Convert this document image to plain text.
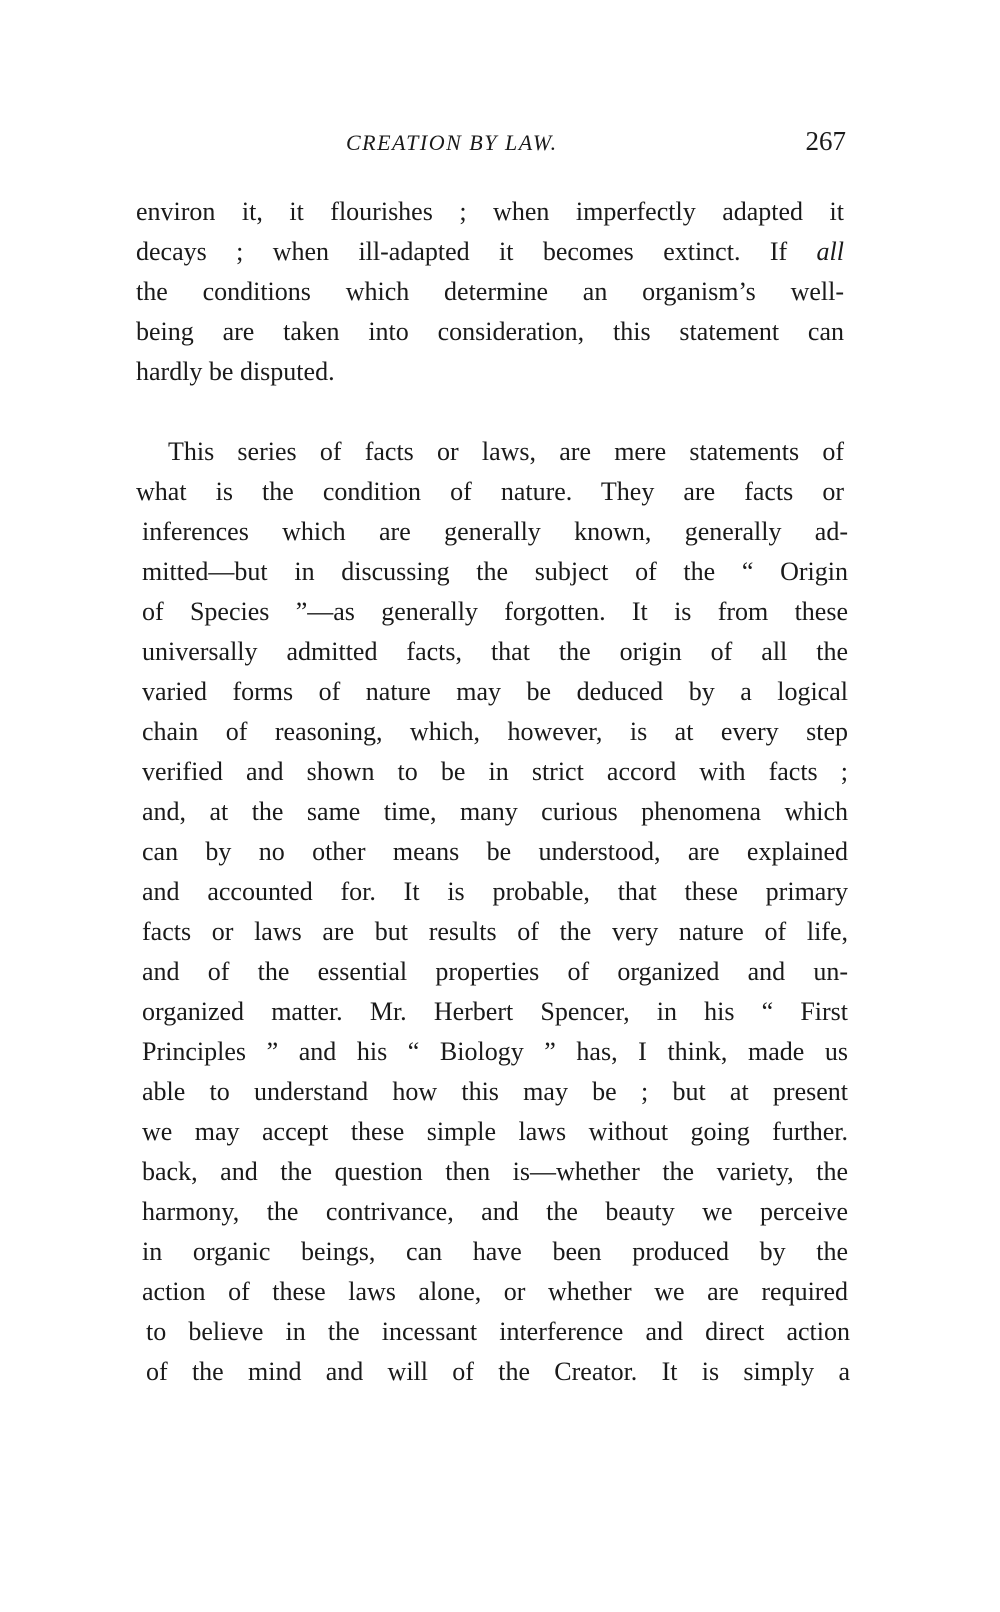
CREATION BY LAW.	267
environ it, it flourishes ; when imperfectly adapted it
decays ; when ill-adapted it becomes extinct. If all
the conditions which determine an organism’s well-
being are taken into consideration, this statement can
hardly be disputed.
This series of facts or laws, are mere statements of
what is the condition of nature. They are facts or
inferences which are generally known, generally ad-
mitted—but in discussing the subject of the “ Origin
of Species ”—as generally forgotten. It is from these
universally admitted facts, that the origin of all the
varied forms of nature may be deduced by a logical
chain of reasoning, which, however, is at every step
verified and shown to be in strict accord with facts ;
and, at the same time, many curious phenomena which
can by no other means be understood, are explained
and accounted for. It is probable, that these primary
facts or laws are but results of the very nature of life,
and of the essential properties of organized and un-
organized matter. Mr. Herbert Spencer, in his “ First
Principles ” and his “ Biology ” has, I think, made us
able to understand how this may be ; but at present
we may accept these simple laws without going further.
back, and the question then is—whether the variety, the
harmony, the contrivance, and the beauty we perceive
in organic beings, can have been produced by the
action of these laws alone, or whether we are required
to believe in the incessant interference and direct action
of the mind and will of the Creator. It is simply a
